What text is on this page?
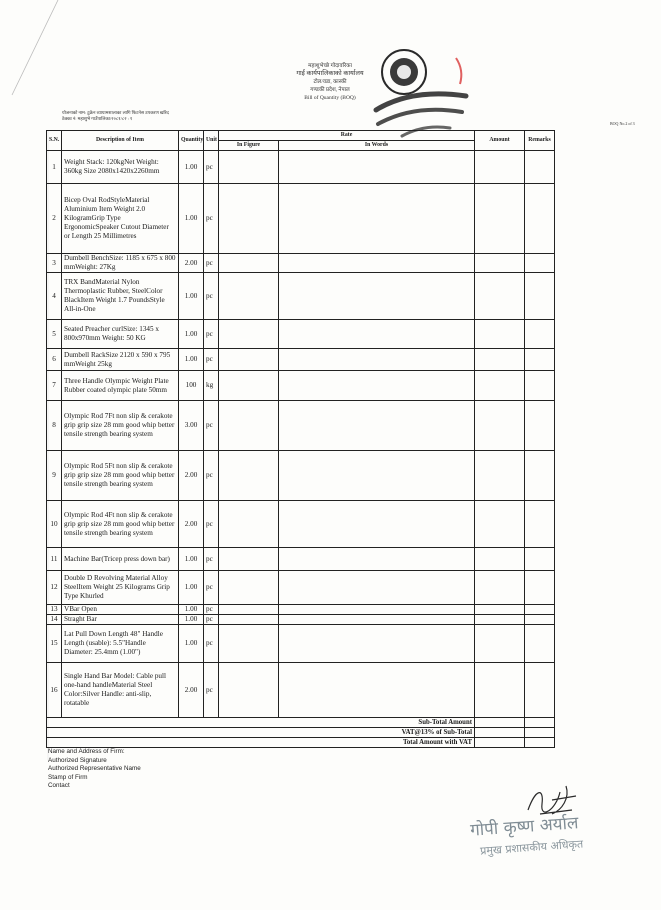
महाशुभेच्छे गोदावरिका
गाईं कार्यपालिकाको कार्यालय
टोल/वडा, कास्की
गण्डकी प्रदेश, नेपाल
Bill of Quantity (BOQ)
योजनाको नाम: टुक्रेन व्यायामशालाका लागि फिटनेस उपकरण खरिद
ठेक्का नं: महाशुभे गाउँपालिका/२०८१/८२ : १
BOQ No.2 of 3
S.N.	Description of Item	Quantity	Unit	Rate		Amount	Remarks
				In Figure	In Words		
1	Weight Stack: 120kgNet Weight: 360kg Size 2080x1420x2260mm	1.00	pc				
2	Bicep Oval RodStyleMaterial Aluminium Item Weight 2.0 KilogramGrip Type ErgonomicSpeaker Cutout Diameter or Length 25 Millimetres	1.00	pc				
3	Dumbell BenchSize: 1185 x 675 x 800 mmWeight: 27Kg	2.00	pc				
4	TRX BandMaterial Nylon Thermoplastic Rubber, SteelColor BlackItem Weight 1.7 PoundsStyle All-in-One	1.00	pc				
5	Seated Preacher curlSize: 1345 x 800x970mm Weight: 50 KG	1.00	pc				
6	Dumbell RackSize 2120 x 590 x 795 mmWeight 25kg	1.00	pc				
7	Three Handle Olympic Weight Plate Rubber coated olympic plate 50mm	100	kg				
8	Olympic Rod 7Ft non slip & cerakote grip grip size 28 mm good whip better tensile strength bearing system	3.00	pc				
9	Olympic Rod 5Ft non slip & cerakote grip grip size 28 mm good whip better tensile strength bearing system	2.00	pc				
10	Olympic Rod 4Ft non slip & cerakote grip grip size 28 mm good whip better tensile strength bearing system	2.00	pc				
11	Machine Bar(Tricep press down bar)	1.00	pc				
12	Double D Revolving Material Alloy SteelItem Weight 25 Kilograms Grip Type Khurled	1.00	pc				
13	VBar Open	1.00	pc				
14	Straght Bar	1.00	pc				
15	Lat Pull Down Length 48" Handle Length (usable): 5.5"Handle Diameter: 25.4mm (1.00")	1.00	pc				
16	Single Hand Bar Model: Cable pull one-hand handleMaterial Steel Color:Silver Handle: anti-slip, rotatable	2.00	pc				
Sub-Total Amount							
VAT@13% of Sub-Total							
Total Amount with VAT							
Name and Address of Firm:
Authorized Signature
Authorized Representative Name
Stamp of Firm
Contact
गोपी कृष्ण अर्याल
प्रमुख प्रशासकीय अधिकृत
